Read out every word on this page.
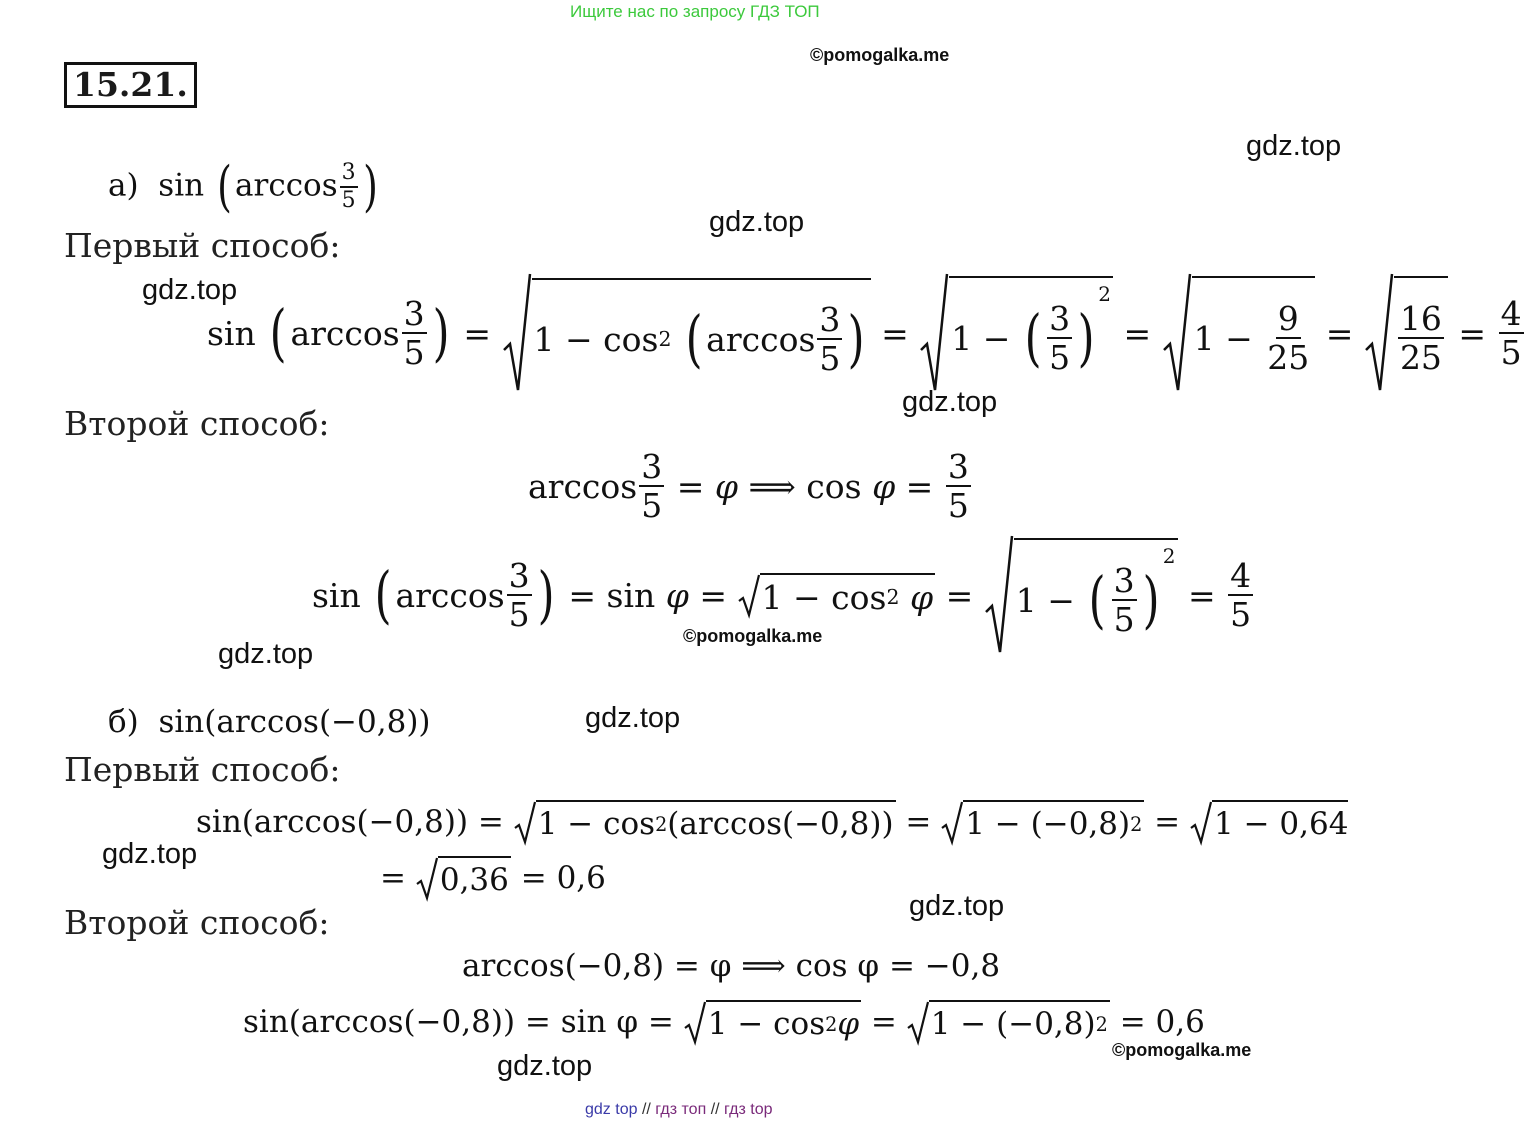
Ищите нас по запросу ГДЗ ТОП
©pomogalka.me
©pomogalka.me
©pomogalka.me
15.21.
gdz.top
gdz.top
gdz.top
gdz.top
gdz.top
gdz.top
gdz.top
gdz.top
gdz.top
а) sin ( $\arccos \frac{3}{5}$ )
Первый способ:
sin
( $\arccos \frac{3}{5}$ ) = 1 − cos 2
( $\arccos \frac{3}{5}$ ) = 1 − ( $\frac{3}{5}$ )
2
= $1 - \frac{9}{25} = \frac{16}{25} = \frac{4}{5}$
Второй способ:
$\arccos \frac{3}{5} = \varphi$ ⟹ cos
$\varphi = \frac{3}{5}$
sin
( $\arccos \frac{3}{5}$ ) = sin
φ = 1 − cos 2
φ = 1 − ( $\frac{3}{5}$ )
2
= $\frac{4}{5}$
б) sin(arccos(−0,8))
Первый способ:
sin(arccos(−0,8)) =
1 − cos 2 (arccos(−0,8)) = 1 − (−0,8) 2 = 1 − 0,64
= 0,36
= 0,6
Второй способ:
arccos(−0,8) = φ ⟹ cos φ = −0,8
sin(arccos(−0,8)) = sin φ =
1 − cos 2 φ = 1 − (−0,8) 2
= 0,6
gdz top // гдз топ // гдз top
